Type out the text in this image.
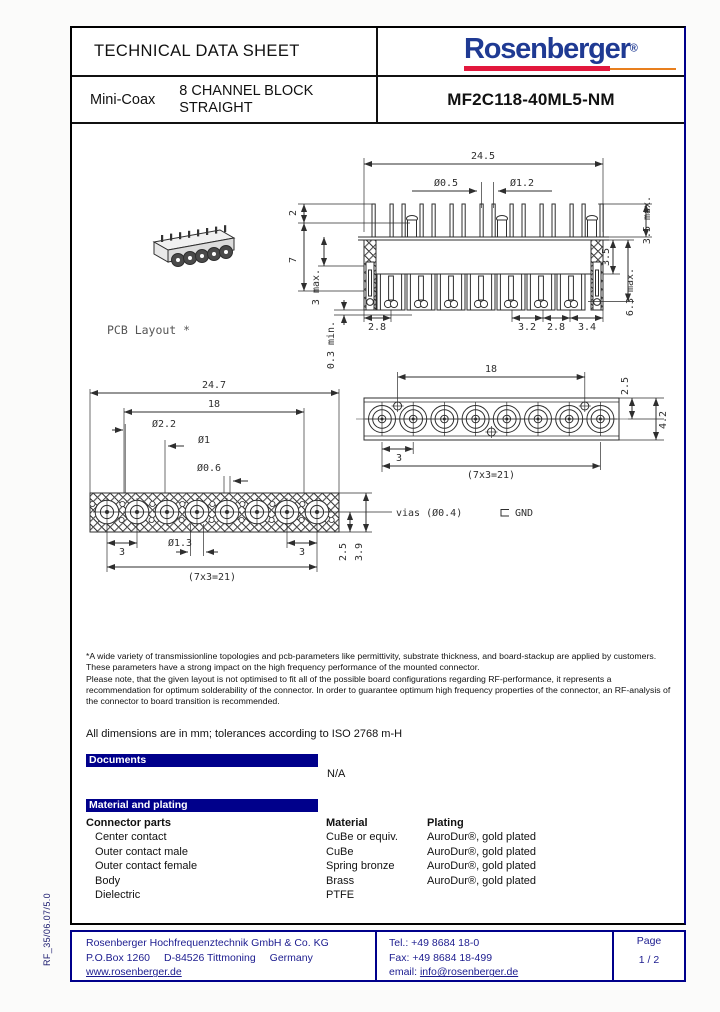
TECHNICAL DATA SHEET	Rosenberger®
Mini-Coax
8 CHANNEL BLOCK
STRAIGHT	MF2C118-40ML5-NM
PCB Layout *
24.5
Ø0.5	Ø1.2
2
7
3 max.
0.3 min.	2.8	3.2 2.8 3.4
3.5
3.5 max.
6.3 max.
18
2.5
4.2
3
(7x3=21)
24.7
18
Ø2.2
Ø1
Ø0.6
Ø1.3
3	3
(7x3=21)
2.5 3.9
vias (Ø0.4)	GND

*A wide variety of transmissionline topologies and pcb-parameters like permittivity, substrate thickness, and board-stackup are applied by customers. These parameters have a strong impact on the high frequency performance of the mounted connector.

Please note, that the given layout is not optimised to fit all of the possible board configurations regarding RF-performance, it represents a recommendation for optimum solderability of the connector. In order to guarantee optimum high frequency properties of the connector, an RF-analysis of the connector to board transition is recommended.

All dimensions are in mm; tolerances according to ISO 2768 m-H
Documents
N/A
Material and plating
Connector parts	Material	Plating
Center contact	CuBe or equiv.	AuroDur®, gold plated
Outer contact male	CuBe	AuroDur®, gold plated
Outer contact female	Spring bronze	AuroDur®, gold plated
Body	Brass	AuroDur®, gold plated
Dielectric	PTFE
Rosenberger Hochfrequenztechnik GmbH & Co. KG
P.O.Box 1260 D-84526 Tittmoning Germany
www.rosenberger.de
Tel.: +49 8684 18-0
Fax: +49 8684 18-499
email: info@rosenberger.de
Page
1 / 2
RF_35/06.07/5.0
